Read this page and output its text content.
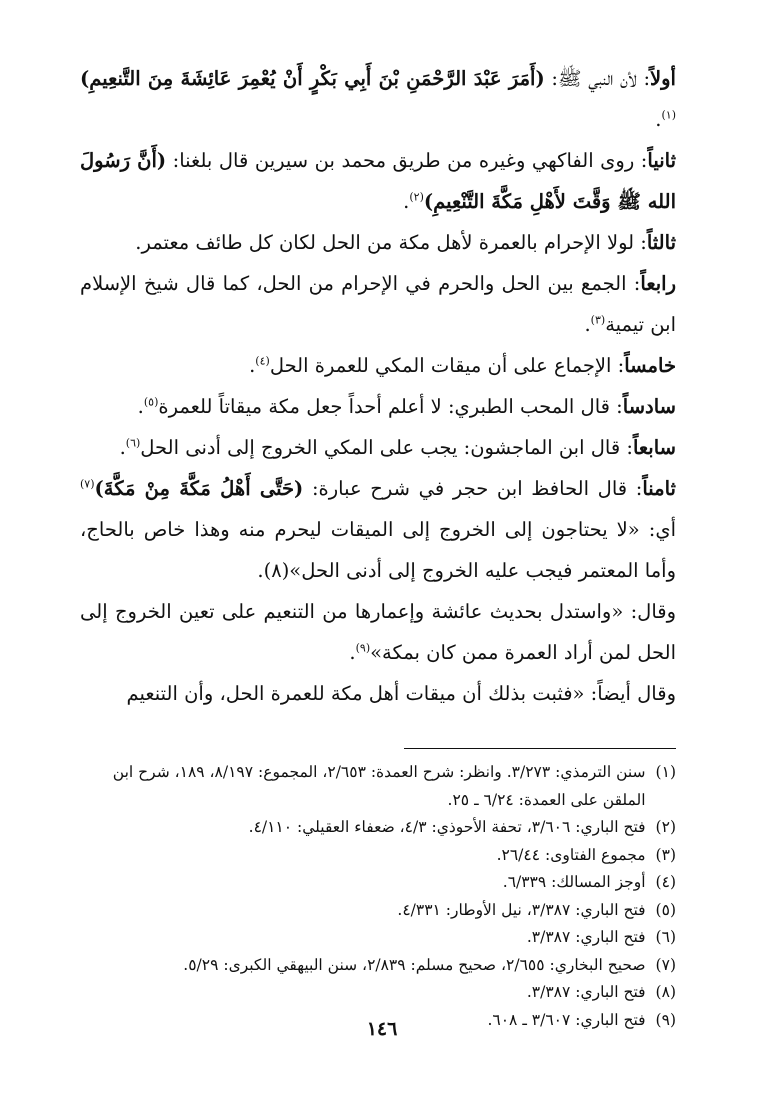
أولاً: لأن النبي ﷺ: (أَمَرَ عَبْدَ الرَّحْمَنِ بْنَ أَبِي بَكْرٍ أَنْ يُعْمِرَ عَائِشَةَ مِنَ التَّنعِيمِ)$^{(١)}$.

ثانياً: روى الفاكهي وغيره من طريق محمد بن سيرين قال بلغنا: (أَنَّ رَسُولَ الله ﷺ وَقَّتَ لأَهْلِ مَكَّةَ التَّنْعِيمِ)$^{(٢)}$.

ثالثاً: لولا الإحرام بالعمرة لأهل مكة من الحل لكان كل طائف معتمر.

رابعاً: الجمع بين الحل والحرم في الإحرام من الحل، كما قال شيخ الإسلام ابن تيمية$^{(٣)}$.

خامساً: الإجماع على أن ميقات المكي للعمرة الحل$^{(٤)}$.

سادساً: قال المحب الطبري: لا أعلم أحداً جعل مكة ميقاتاً للعمرة$^{(٥)}$.

سابعاً: قال ابن الماجشون: يجب على المكي الخروج إلى أدنى الحل$^{(٦)}$.

ثامناً: قال الحافظ ابن حجر في شرح عبارة: (حَتَّى أَهْلُ مَكَّةَ مِنْ مَكَّةَ)$^{(٧)}$ أي: «لا يحتاجون إلى الخروج إلى الميقات ليحرم منه وهذا خاص بالحاج، وأما المعتمر فيجب عليه الخروج إلى أدنى الحل»(٨).

وقال: «واستدل بحديث عائشة وإعمارها من التنعيم على تعين الخروج إلى الحل لمن أراد العمرة ممن كان بمكة»$^{(٩)}$.

وقال أيضاً: «فثبت بذلك أن ميقات أهل مكة للعمرة الحل، وأن التنعيم

(١)
سنن الترمذي: ٣/٢٧٣. وانظر: شرح العمدة: ٢/٦٥٣، المجموع: ٨/١٩٧، ١٨٩، شرح ابن الملقن على العمدة: ٦/٢٤ ـ ٢٥.
(٢)
فتح الباري: ٣/٦٠٦، تحفة الأحوذي: ٤/٣، ضعفاء العقيلي: ٤/١١٠.
(٣)
مجموع الفتاوى: ٢٦/٤٤.
(٤)
أوجز المسالك: ٦/٣٣٩.
(٥)
فتح الباري: ٣/٣٨٧، نيل الأوطار: ٤/٣٣١.
(٦)
فتح الباري: ٣/٣٨٧.
(٧)
صحيح البخاري: ٢/٦٥٥، صحيح مسلم: ٢/٨٣٩، سنن البيهقي الكبرى: ٥/٢٩.
(٨)
فتح الباري: ٣/٣٨٧.
(٩)
فتح الباري: ٣/٦٠٧ ـ ٦٠٨.
١٤٦
